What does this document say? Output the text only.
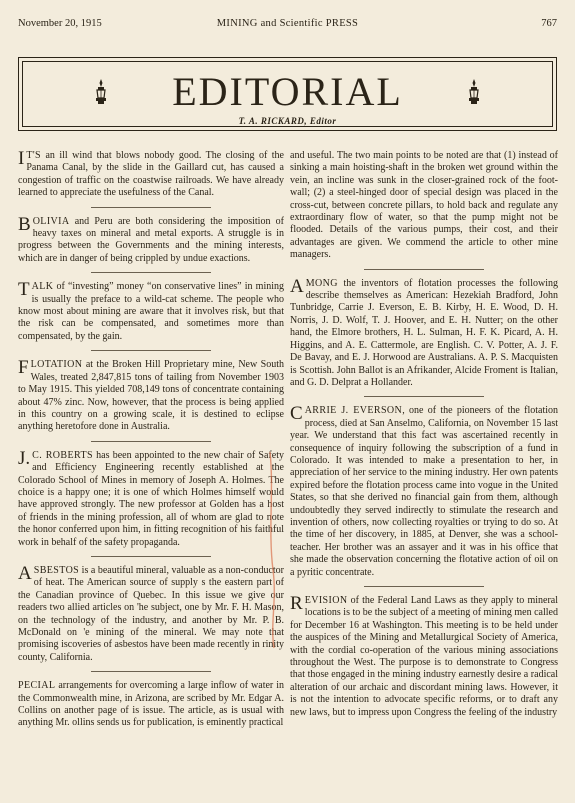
November 20, 1915	MINING and Scientific PRESS	767
EDITORIAL
T. A. RICKARD, Editor

I T'S an ill wind that blows nobody good. The closing of the Panama Canal, by the slide in the Gaillard cut, has caused a congestion of traffic on the coastwise railroads. We have already learned to appreciate the usefulness of the Canal.

BOLIVIA and Peru are both considering the imposition of heavy taxes on mineral and metal exports. A struggle is in progress between the Governments and the mining interests, which are in danger of being crippled by undue exactions.

TALK of “investing” money “on conservative lines” in mining is usually the preface to a wild-cat scheme. The people who know most about mining are aware that it involves risk, but that the risk can be compensated, and sometimes more than compensated, by the gain.

FLOTATION at the Broken Hill Proprietary mine, New South Wales, treated 2,847,815 tons of tailing from November 1903 to May 1915. This yielded 708,149 tons of concentrate containing about 47% zinc. Now, however, that the process is being applied in this country on a growing scale, it is destined to eclipse anything heretofore done in Australia.

J. C. ROBERTS has been appointed to the new chair of Safety and Efficiency Engineering recently established at the Colorado School of Mines in memory of Joseph A. Holmes. The choice is a happy one; it is one of which Holmes himself would have approved strongly. The new professor at Golden has a host of friends in the mining profession, all of whom are glad to note the honor conferred upon him, in fitting recognition of his faithful work in behalf of the safety propaganda.

ASBESTOS is a beautiful mineral, valuable as a non-conductor of heat. The American source of supply s the eastern part of the Canadian province of Quebec. In this issue we give our readers two allied articles on 'he subject, one by Mr. F. H. Mason, on the technology of the industry, and another by Mr. P. B. McDonald on 'e mining of the mineral. We may note that promising iscoveries of asbestos have been made recently in rinity county, California.

PECIAL arrangements for overcoming a large inflow of water in the Commonwealth mine, in Arizona, are scribed by Mr. Edgar A. Collins on another page of is issue. The article, as is usual with anything Mr. ollins sends us for publication, is eminently practical

and useful. The two main points to be noted are that (1) instead of sinking a main hoisting-shaft in the broken wet ground within the vein, an incline was sunk in the closer-grained rock of the foot-wall; (2) a steel-hinged door of special design was placed in the cross-cut, between concrete pillars, to hold back and regulate any extraordinary flow of water, so that the pump might not be flooded. Details of the various pumps, their cost, and their advantages are given. We commend the article to other mine managers.

AMONG the inventors of flotation processes the following describe themselves as American: Hezekiah Bradford, John Tunbridge, Carrie J. Everson, E. B. Kirby, H. E. Wood, D. H. Norris, J. D. Wolf, T. J. Hoover, and E. H. Nutter; on the other hand, the Elmore brothers, H. L. Sulman, H. F. K. Picard, A. H. Higgins, and A. E. Cattermole, are English. C. V. Potter, A. J. F. De Bavay, and E. J. Horwood are Australians. A. P. S. Macquisten is Scottish. John Ballot is an Afrikander, Alcide Froment is Italian, and G. D. Delprat a Hollander.

CARRIE J. EVERSON, one of the pioneers of the flotation process, died at San Anselmo, California, on November 15 last year. We understand that this fact was ascertained recently in consequence of inquiry following the subscription of a fund in Colorado. It was intended to make a presentation to her, in appreciation of her service to the mining industry. Her own patents expired before the flotation process came into vogue in the United States, so that she derived no financial gain from them, although undoubtedly they served indirectly to stimulate the research and invention of others, now collecting royalties or trying to do so. At the time of her discovery, in 1885, at Denver, she was a school-teacher. Her brother was an assayer and it was in his office that she made the observation concerning the flotative action of oil on a pyritic concentrate.

REVISION of the Federal Land Laws as they apply to mineral locations is to be the subject of a meeting of mining men called for December 16 at Washington. This meeting is to be held under the auspices of the Mining and Metallurgical Society of America, with the cordial co-operation of the various mining associations throughout the West. The purpose is to demonstrate to Congress that those engaged in the mining industry earnestly desire a radical alteration of our archaic and discordant mining laws. However, it is not the intention to advocate specific reforms, or to draft any new laws, but to impress upon Congress the feeling of the industry
